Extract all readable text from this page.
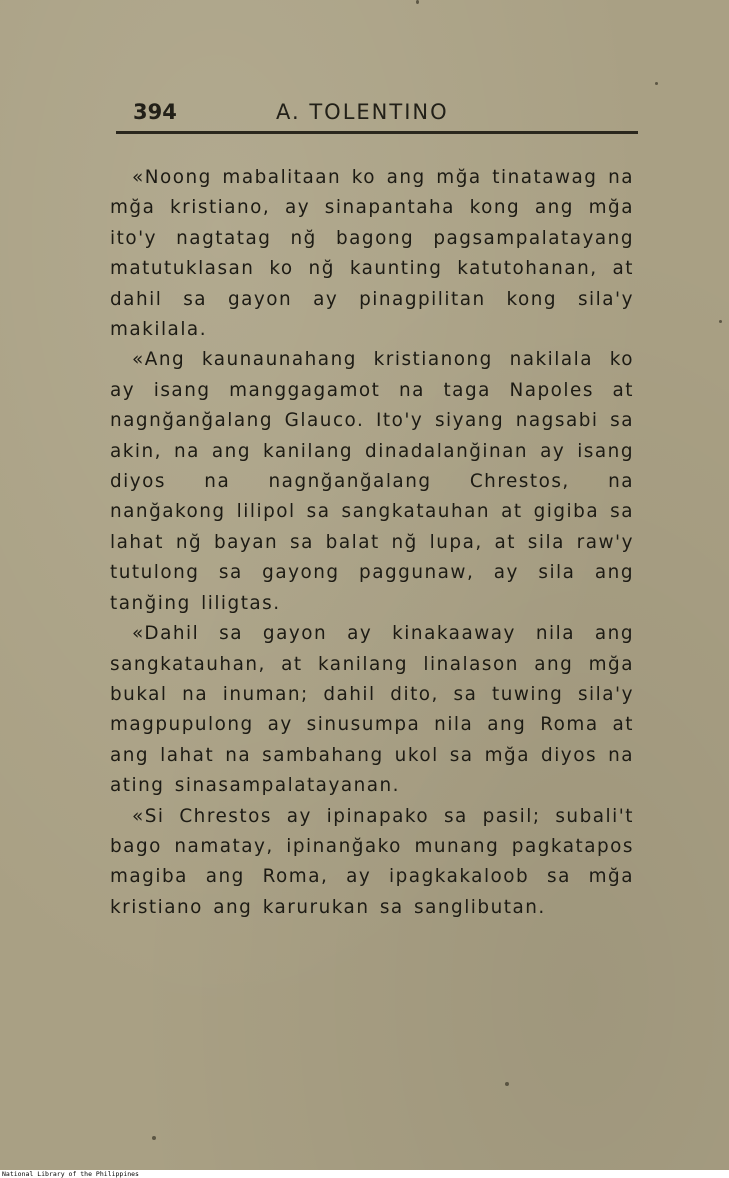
394	A. TOLENTINO

«Noong mabalitaan ko ang mğa tinatawag na mğa kristiano, ay sinapantaha kong ang mğa ito'y nagtatag nğ bagong pagsampalatayang matutuklasan ko nğ kaunting katutohanan, at dahil sa gayon ay pinagpilitan kong sila'y makilala.

«Ang kaunaunahang kristianong nakilala ko ay isang manggagamot na taga Napoles at nagnğanğalang Glauco. Ito'y siyang nagsabi sa akin, na ang kanilang dinadalanğinan ay isang diyos na nagnğanğalang Chrestos, na nanğakong lilipol sa sangkatauhan at gigiba sa lahat nğ bayan sa balat nğ lupa, at sila raw'y tutulong sa gayong paggunaw, ay sila ang tanğing liligtas.

«Dahil sa gayon ay kinakaaway nila ang sangkatauhan, at kanilang linalason ang mğa bukal na inuman; dahil dito, sa tuwing sila'y magpupulong ay sinusumpa nila ang Roma at ang lahat na sambahang ukol sa mğa diyos na ating sinasampalatayanan.

«Si Chrestos ay ipinapako sa pasil; subali't bago namatay, ipinanğako munang pagkatapos magiba ang Roma, ay ipagkakaloob sa mğa kristiano ang karurukan sa sanglibutan.

National Library of the Philippines
